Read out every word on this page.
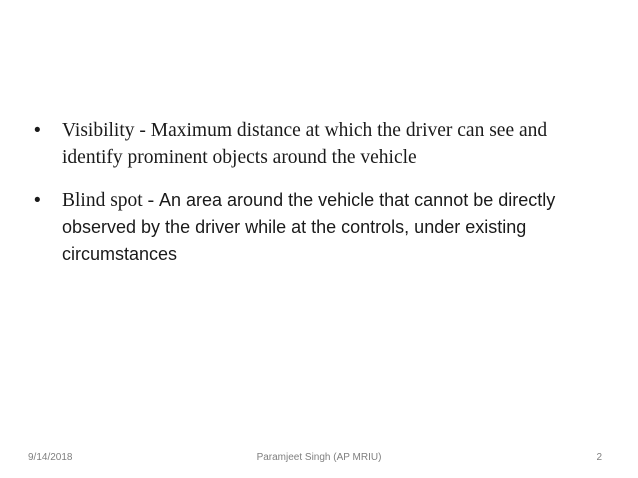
•	Visibility - Maximum distance at which the driver can see and identify prominent objects around the vehicle
•	Blind spot - An area around the vehicle that cannot be directly observed by the driver while at the controls, under existing circumstances
9/14/2018	Paramjeet Singh (AP MRIU)	2
